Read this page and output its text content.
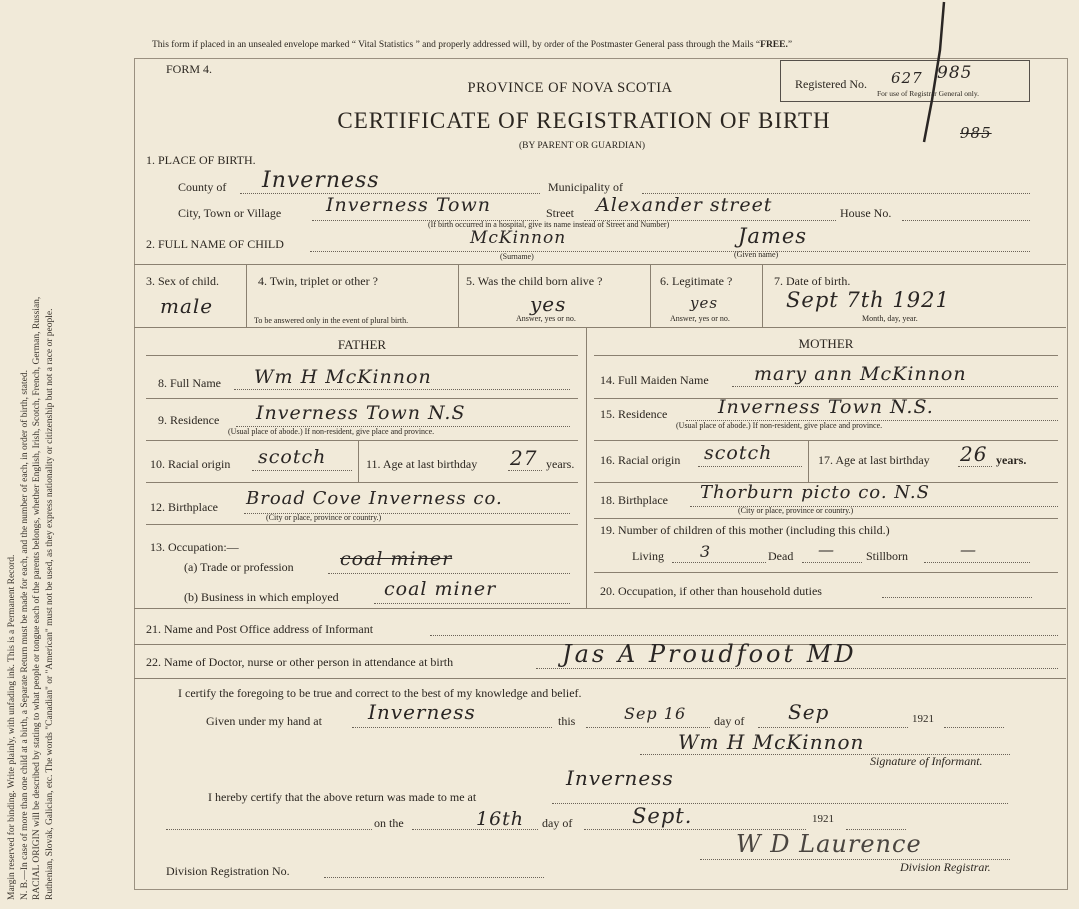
Margin reserved for binding. Write plainly, with unfading ink. This is a Permanent Record. N. B.—In case of more than one child at a birth, a Separate Return must be made for each, and the number of each, in order of birth, stated. RACIAL ORIGIN will be described by stating to what people or tongue each of the parents belongs, whether English, Irish, Scotch, French, German, Russian, Ruthenian, Slovak, Galician, etc. The words "Canadian" or "American" must not be used, as they express nationality or citizenship but not a race or people.
This form if placed in an unsealed envelope marked “ Vital Statistics ” and properly addressed will, by order of the Postmaster General pass through the Mails “FREE.”
FORM 4.
Registered No. 627 985
For use of Registrar General only.
985
PROVINCE OF NOVA SCOTIA
CERTIFICATE OF REGISTRATION OF BIRTH
(BY PARENT OR GUARDIAN)
1. PLACE OF BIRTH.
County of Inverness	Municipality of
City, Town or Village Inverness Town	Street Alexander street	House No.
(If birth occurred in a hospital, give its name instead of Street and Number)
2. FULL NAME OF CHILD	McKinnon
(Surname)
James
(Given name)
3. Sex of child.
male
4. Twin, triplet or other ?
To be answered only in the event of plural birth.
5. Was the child born alive ?
yes
Answer, yes or no.
6. Legitimate ?
yes
Answer, yes or no.
7. Date of birth.
Sept 7th 1921
Month, day, year.
FATHER	MOTHER
8. Full Name Wm H McKinnon
9. Residence Inverness Town N.S
(Usual place of abode.) If non-resident, give place and province.
10. Racial origin scotch	11. Age at last birthday 27 years.
12. Birthplace Broad Cove Inverness co.
(City or place, province or country.)
13. Occupation:—
(a) Trade or profession coal miner
(b) Business in which employed coal miner
14. Full Maiden Name mary ann McKinnon
15. Residence	Inverness Town N.S.
(Usual place of abode.) If non-resident, give place and province.
16. Racial origin scotch	17. Age at last birthday 26 years.
18. Birthplace Thorburn picto co. N.S
(City or place, province or country.)
19. Number of children of this mother (including this child.)
Living 3	Dead —	Stillborn	—
20. Occupation, if other than household duties
21. Name and Post Office address of Informant
22. Name of Doctor, nurse or other person in attendance at birth	Jas A Proudfoot MD
I certify the foregoing to be true and correct to the best of my knowledge and belief.
Given under my hand at Inverness	this	Sep 16 day of Sep	1921
Wm H McKinnon
Signature of Informant.
I hereby certify that the above return was made to me at
Inverness
on the	16th day of	Sept.	1921
W D Laurence
Division Registrar.
Division Registration No.
